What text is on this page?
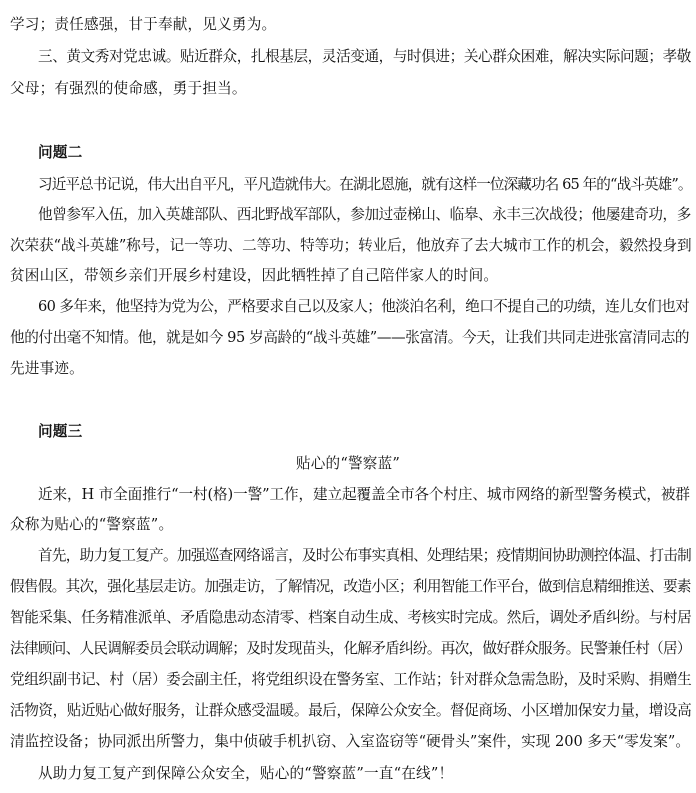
学习；责任感强，甘于奉献，见义勇为。
三、黄文秀对党忠诚。贴近群众，扎根基层，灵活变通，与时俱进；关心群众困难，解决实际问题；孝敬
父母；有强烈的使命感，勇于担当。
问题二
习近平总书记说，伟大出自平凡，平凡造就伟大。在湖北恩施，就有这样一位深藏功名 65 年的“战斗英雄”。
他曾参军入伍，加入英雄部队、西北野战军部队，参加过壶梯山、临皋、永丰三次战役；他屡建奇功，多
次荣获“战斗英雄”称号，记一等功、二等功、特等功；转业后，他放弃了去大城市工作的机会，毅然投身到
贫困山区，带领乡亲们开展乡村建设，因此牺牲掉了自己陪伴家人的时间。
60 多年来，他坚持为党为公，严格要求自己以及家人；他淡泊名利，绝口不提自己的功绩，连儿女们也对
他的付出毫不知情。他，就是如今 95 岁高龄的“战斗英雄”——张富清。今天，让我们共同走进张富清同志的
先进事迹。
问题三
贴心的“警察蓝”
近来，H 市全面推行“一村(格)一警”工作，建立起覆盖全市各个村庄、城市网络的新型警务模式，被群
众称为贴心的“警察蓝”。
首先，助力复工复产。加强巡查网络谣言，及时公布事实真相、处理结果；疫情期间协助测控体温、打击制
假售假。其次，强化基层走访。加强走访，了解情况，改造小区；利用智能工作平台，做到信息精细推送、要素
智能采集、任务精准派单、矛盾隐患动态清零、档案自动生成、考核实时完成。然后，调处矛盾纠纷。与村居
法律顾问、人民调解委员会联动调解；及时发现苗头，化解矛盾纠纷。再次，做好群众服务。民警兼任村（居）
党组织副书记、村（居）委会副主任，将党组织设在警务室、工作站；针对群众急需急盼，及时采购、捐赠生
活物资，贴近贴心做好服务，让群众感受温暖。最后，保障公众安全。督促商场、小区增加保安力量，增设高
清监控设备；协同派出所警力，集中侦破手机扒窃、入室盗窃等“硬骨头”案件，实现 200 多天“零发案”。
从助力复工复产到保障公众安全，贴心的“警察蓝”一直“在线”！
